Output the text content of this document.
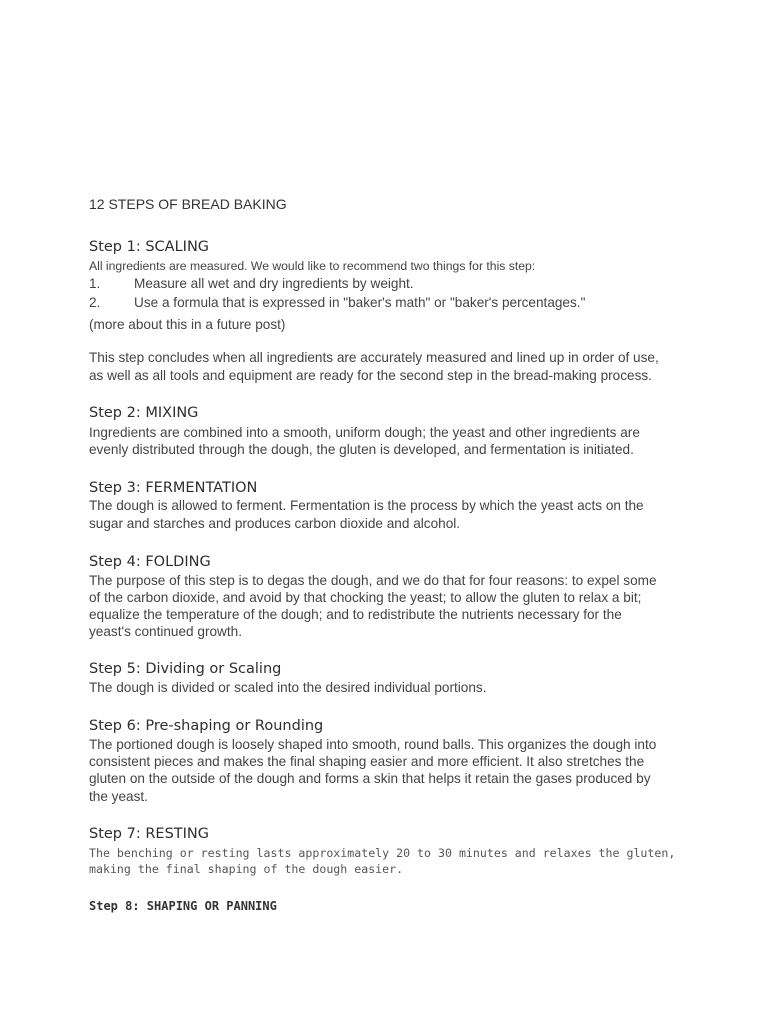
12 STEPS OF BREAD BAKING
Step 1: SCALING
All ingredients are measured. We would like to recommend two things for this step:
1. Measure all wet and dry ingredients by weight.
2. Use a formula that is expressed in "baker's math" or "baker's percentages."
(more about this in a future post)
This step concludes when all ingredients are accurately measured and lined up in order of use,
as well as all tools and equipment are ready for the second step in the bread-making process.
Step 2: MIXING
Ingredients are combined into a smooth, uniform dough; the yeast and other ingredients are
evenly distributed through the dough, the gluten is developed, and fermentation is initiated.
Step 3: FERMENTATION
The dough is allowed to ferment. Fermentation is the process by which the yeast acts on the
sugar and starches and produces carbon dioxide and alcohol.
Step 4: FOLDING
The purpose of this step is to degas the dough, and we do that for four reasons: to expel some
of the carbon dioxide, and avoid by that chocking the yeast; to allow the gluten to relax a bit;
equalize the temperature of the dough; and to redistribute the nutrients necessary for the
yeast's continued growth.
Step 5: Dividing or Scaling
The dough is divided or scaled into the desired individual portions.
Step 6: Pre-shaping or Rounding
The portioned dough is loosely shaped into smooth, round balls. This organizes the dough into
consistent pieces and makes the final shaping easier and more efficient. It also stretches the
gluten on the outside of the dough and forms a skin that helps it retain the gases produced by
the yeast.
Step 7: RESTING
The benching or resting lasts approximately 20 to 30 minutes and relaxes the gluten,
making the final shaping of the dough easier.
Step 8: SHAPING OR PANNING
